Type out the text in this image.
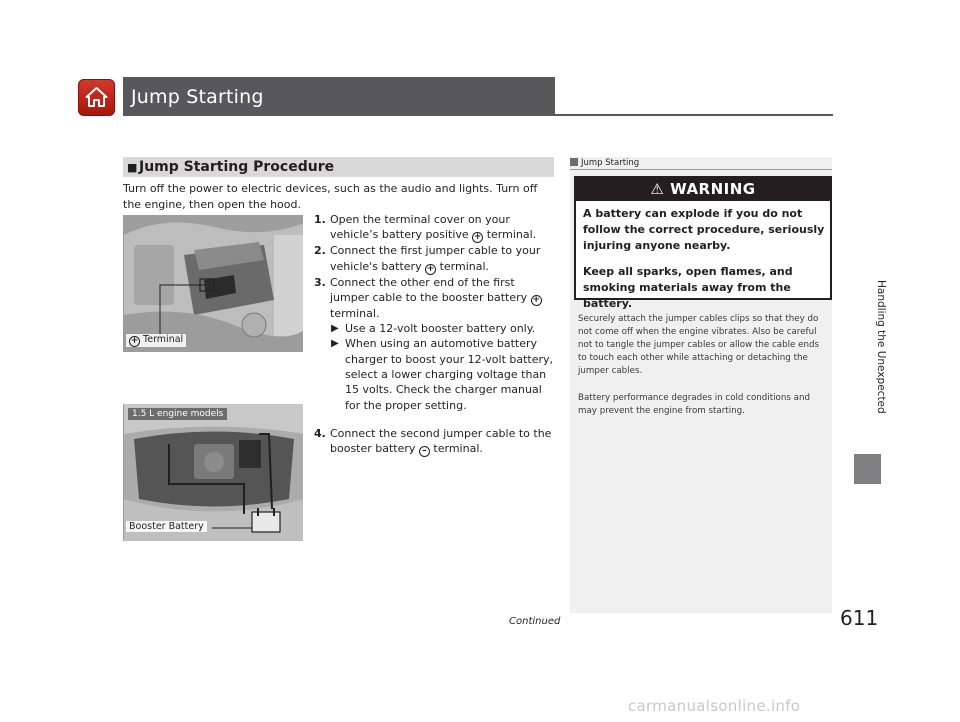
Jump Starting
Handling the Unexpected
■ Jump Starting Procedure

Turn off the power to electric devices, such as the audio and lights. Turn off the engine, then open the hood.

+ Terminal
1. Open the terminal cover on your vehicle’s battery positive + terminal.
2. Connect the first jumper cable to your vehicle's battery + terminal.
3. Connect the other end of the first jumper cable to the booster battery + terminal.
▶ Use a 12-volt booster battery only.
▶ When using an automotive battery charger to boost your 12-volt battery, select a lower charging voltage than 15 volts. Check the charger manual for the proper setting.
4. Connect the second jumper cable to the booster battery – terminal.
1.5 L engine models
Booster Battery
Jump Starting
⚠ WARNING

A battery can explode if you do not follow the correct procedure, seriously injuring anyone nearby.

Keep all sparks, open flames, and smoking materials away from the battery.

Securely attach the jumper cables clips so that they do not come off when the engine vibrates. Also be careful not to tangle the jumper cables or allow the cable ends to touch each other while attaching or detaching the jumper cables.

Battery performance degrades in cold conditions and may prevent the engine from starting.

Continued	611
carmanualsonline.info
